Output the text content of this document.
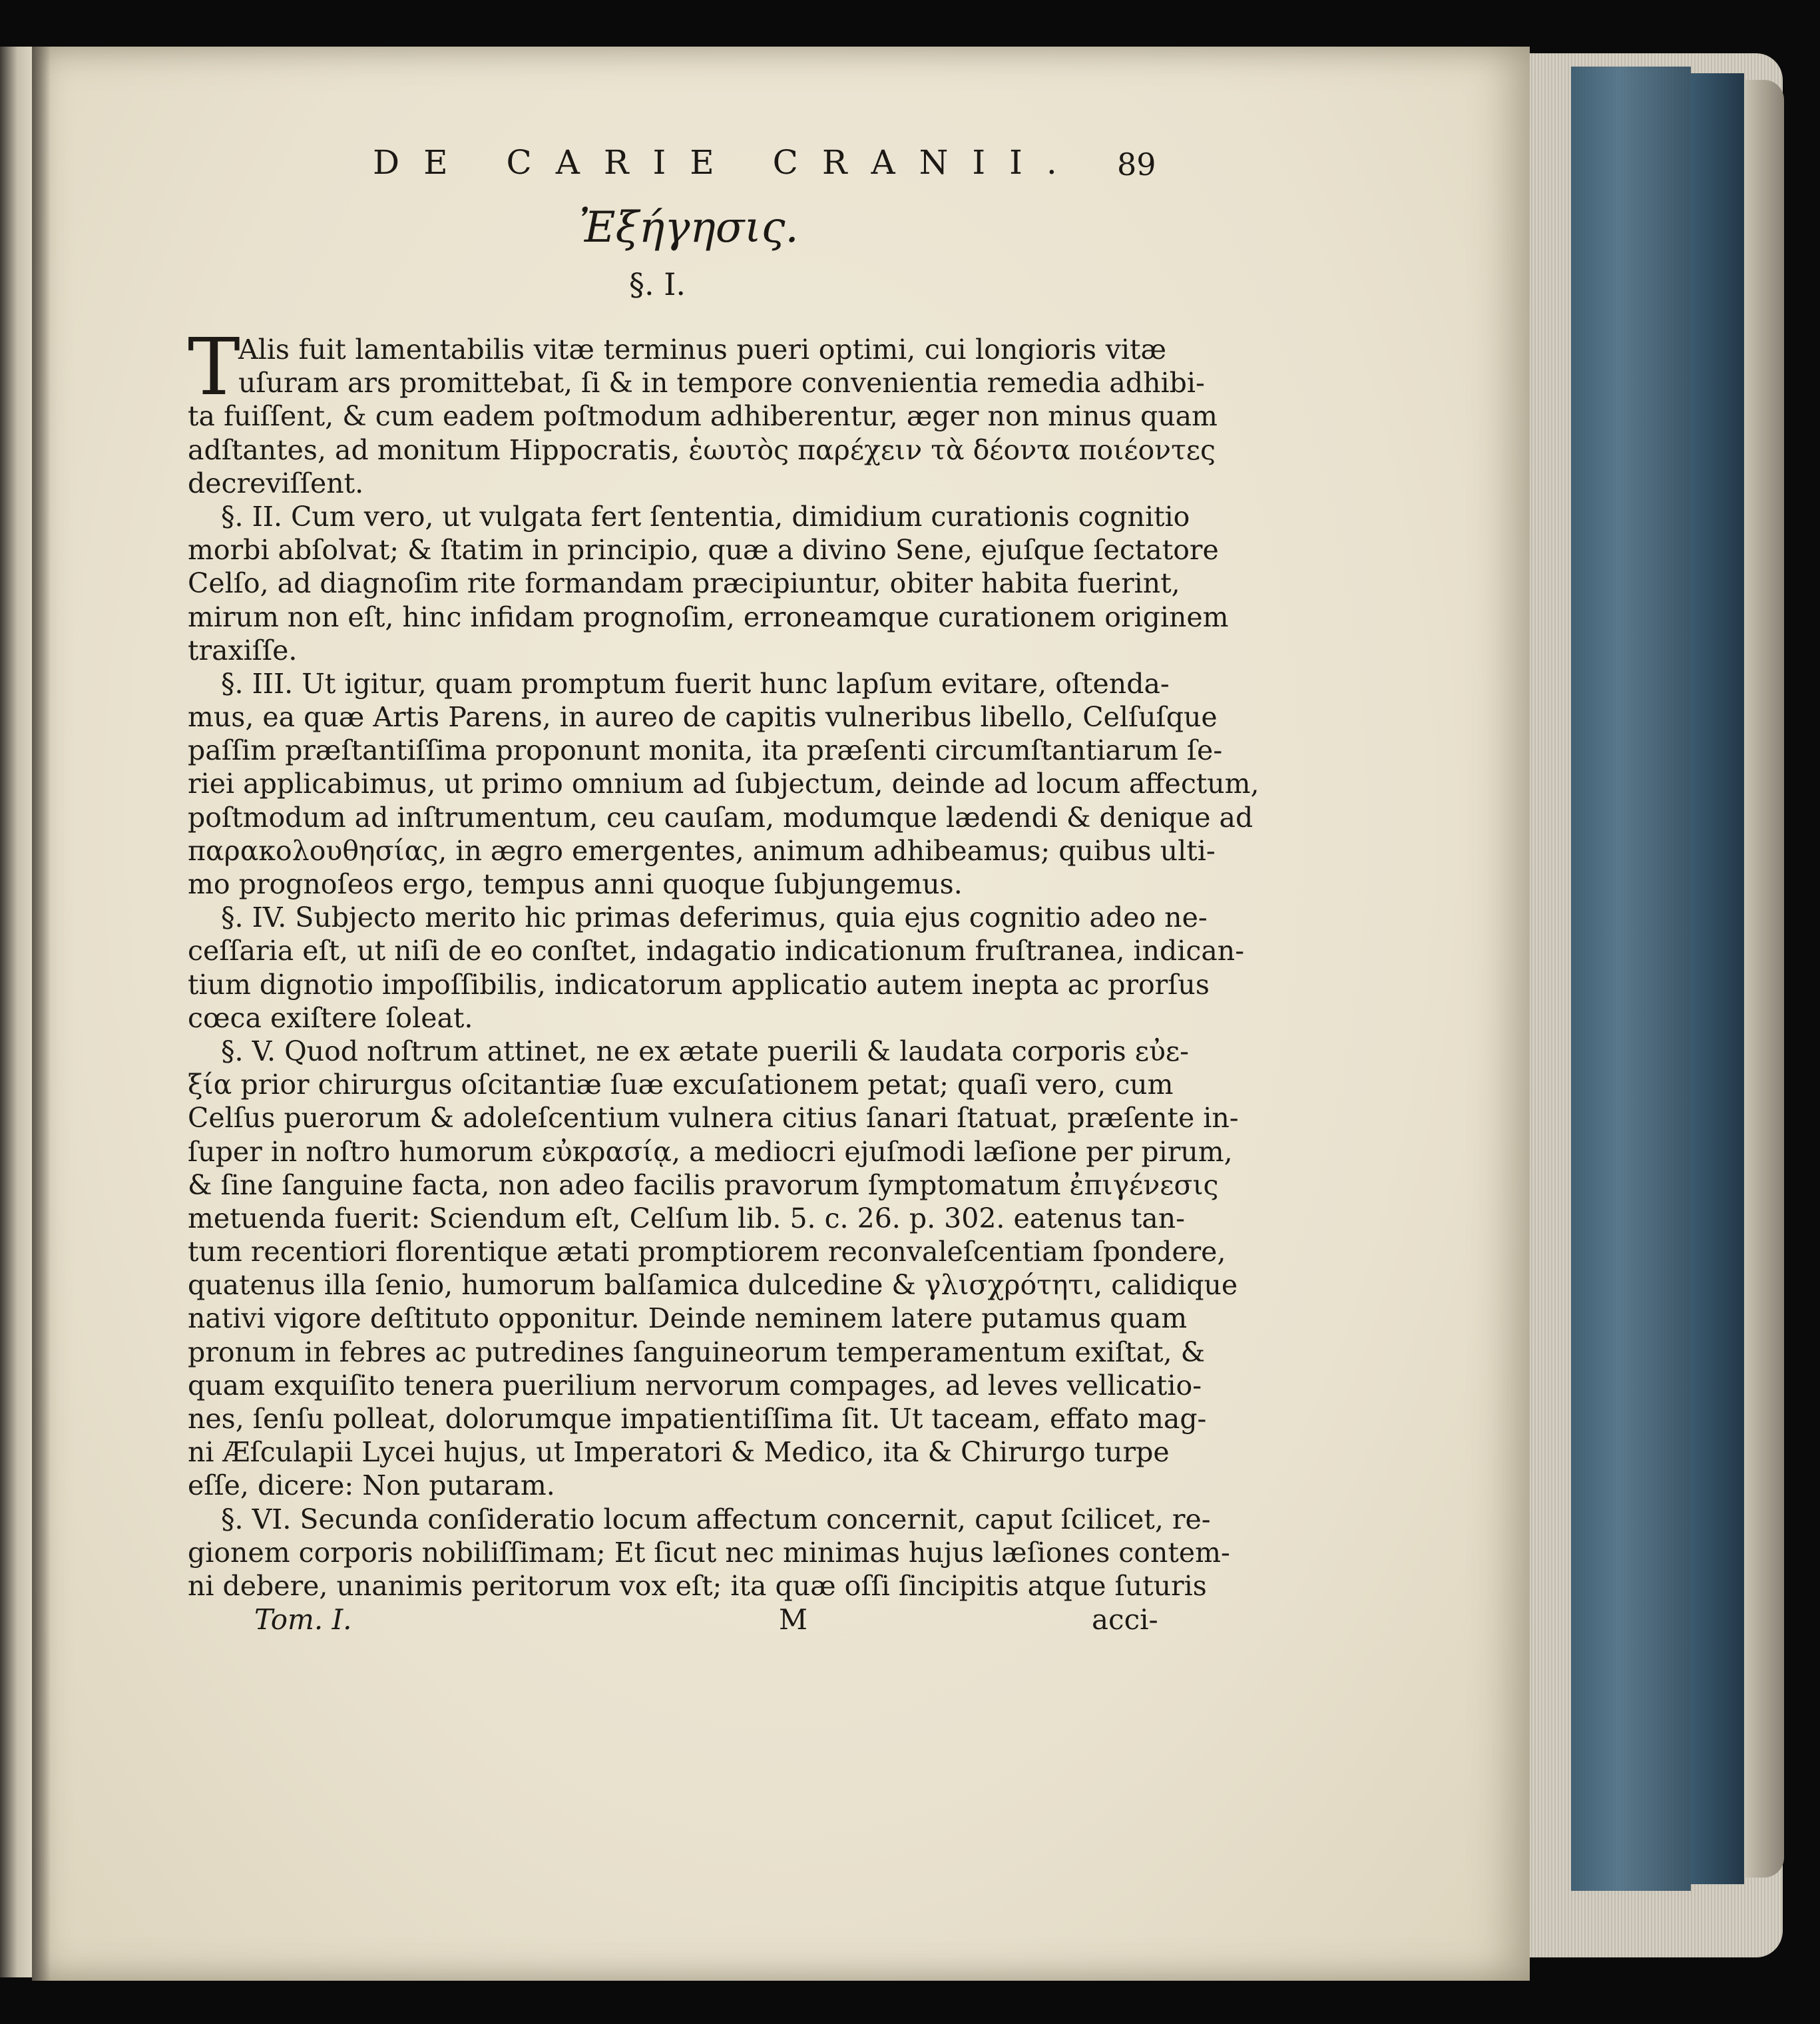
DE CARIE CRANII.	89
Ἐξήγησις.
§. I.
T
Alis fuit lamentabilis vitæ terminus pueri optimi, cui longioris vitæ
uſuram ars promittebat, ſi & in tempore convenientia remedia adhibi-
ta fuiſſent, & cum eadem poſtmodum adhiberentur, æger non minus quam
adſtantes, ad monitum Hippocratis, ἑωυτὸς παρέχειν τὰ δέοντα ποιέοντες
decreviſſent.
§. II. Cum vero, ut vulgata fert ſententia, dimidium curationis cognitio
morbi abſolvat; & ſtatim in principio, quæ a divino Sene, ejuſque ſectatore
Celſo, ad diagnoſim rite formandam præcipiuntur, obiter habita fuerint,
mirum non eſt, hinc infidam prognoſim, erroneamque curationem originem
traxiſſe.
§. III. Ut igitur, quam promptum fuerit hunc lapſum evitare, oſtenda-
mus, ea quæ Artis Parens, in aureo de capitis vulneribus libello, Celſuſque
paſſim præſtantiſſima proponunt monita, ita præſenti circumſtantiarum ſe-
riei applicabimus, ut primo omnium ad ſubjectum, deinde ad locum affectum,
poſtmodum ad inſtrumentum, ceu cauſam, modumque lædendi & denique ad
παρακολουθησίας, in ægro emergentes, animum adhibeamus; quibus ulti-
mo prognoſeos ergo, tempus anni quoque ſubjungemus.
§. IV. Subjecto merito hic primas deferimus, quia ejus cognitio adeo ne-
ceſſaria eſt, ut niſi de eo conſtet, indagatio indicationum fruſtranea, indican-
tium dignotio impoſſibilis, indicatorum applicatio autem inepta ac prorſus
cœca exiſtere ſoleat.
§. V. Quod noſtrum attinet, ne ex ætate puerili & laudata corporis εὐε-
ξία prior chirurgus oſcitantiæ ſuæ excuſationem petat; quaſi vero, cum
Celſus puerorum & adoleſcentium vulnera citius ſanari ſtatuat, præſente in-
ſuper in noſtro humorum εὐκρασίᾳ, a mediocri ejuſmodi læſione per pirum,
& ſine ſanguine facta, non adeo facilis pravorum ſymptomatum ἐπιγένεσις
metuenda fuerit: Sciendum eſt, Celſum lib. 5. c. 26. p. 302. eatenus tan-
tum recentiori florentique ætati promptiorem reconvaleſcentiam ſpondere,
quatenus illa ſenio, humorum balſamica dulcedine & γλισχρότητι, calidique
nativi vigore deſtituto opponitur. Deinde neminem latere putamus quam
pronum in febres ac putredines ſanguineorum temperamentum exiſtat, &
quam exquiſito tenera puerilium nervorum compages, ad leves vellicatio-
nes, ſenſu polleat, dolorumque impatientiſſima ſit. Ut taceam, effato mag-
ni Æſculapii Lycei hujus, ut Imperatori & Medico, ita & Chirurgo turpe
eſſe, dicere: Non putaram.
§. VI. Secunda conſideratio locum affectum concernit, caput ſcilicet, re-
gionem corporis nobiliſſimam; Et ſicut nec minimas hujus læſiones contem-
ni debere, unanimis peritorum vox eſt; ita quæ oſſi ſincipitis atque ſuturis
Tom. I.	M	acci-
